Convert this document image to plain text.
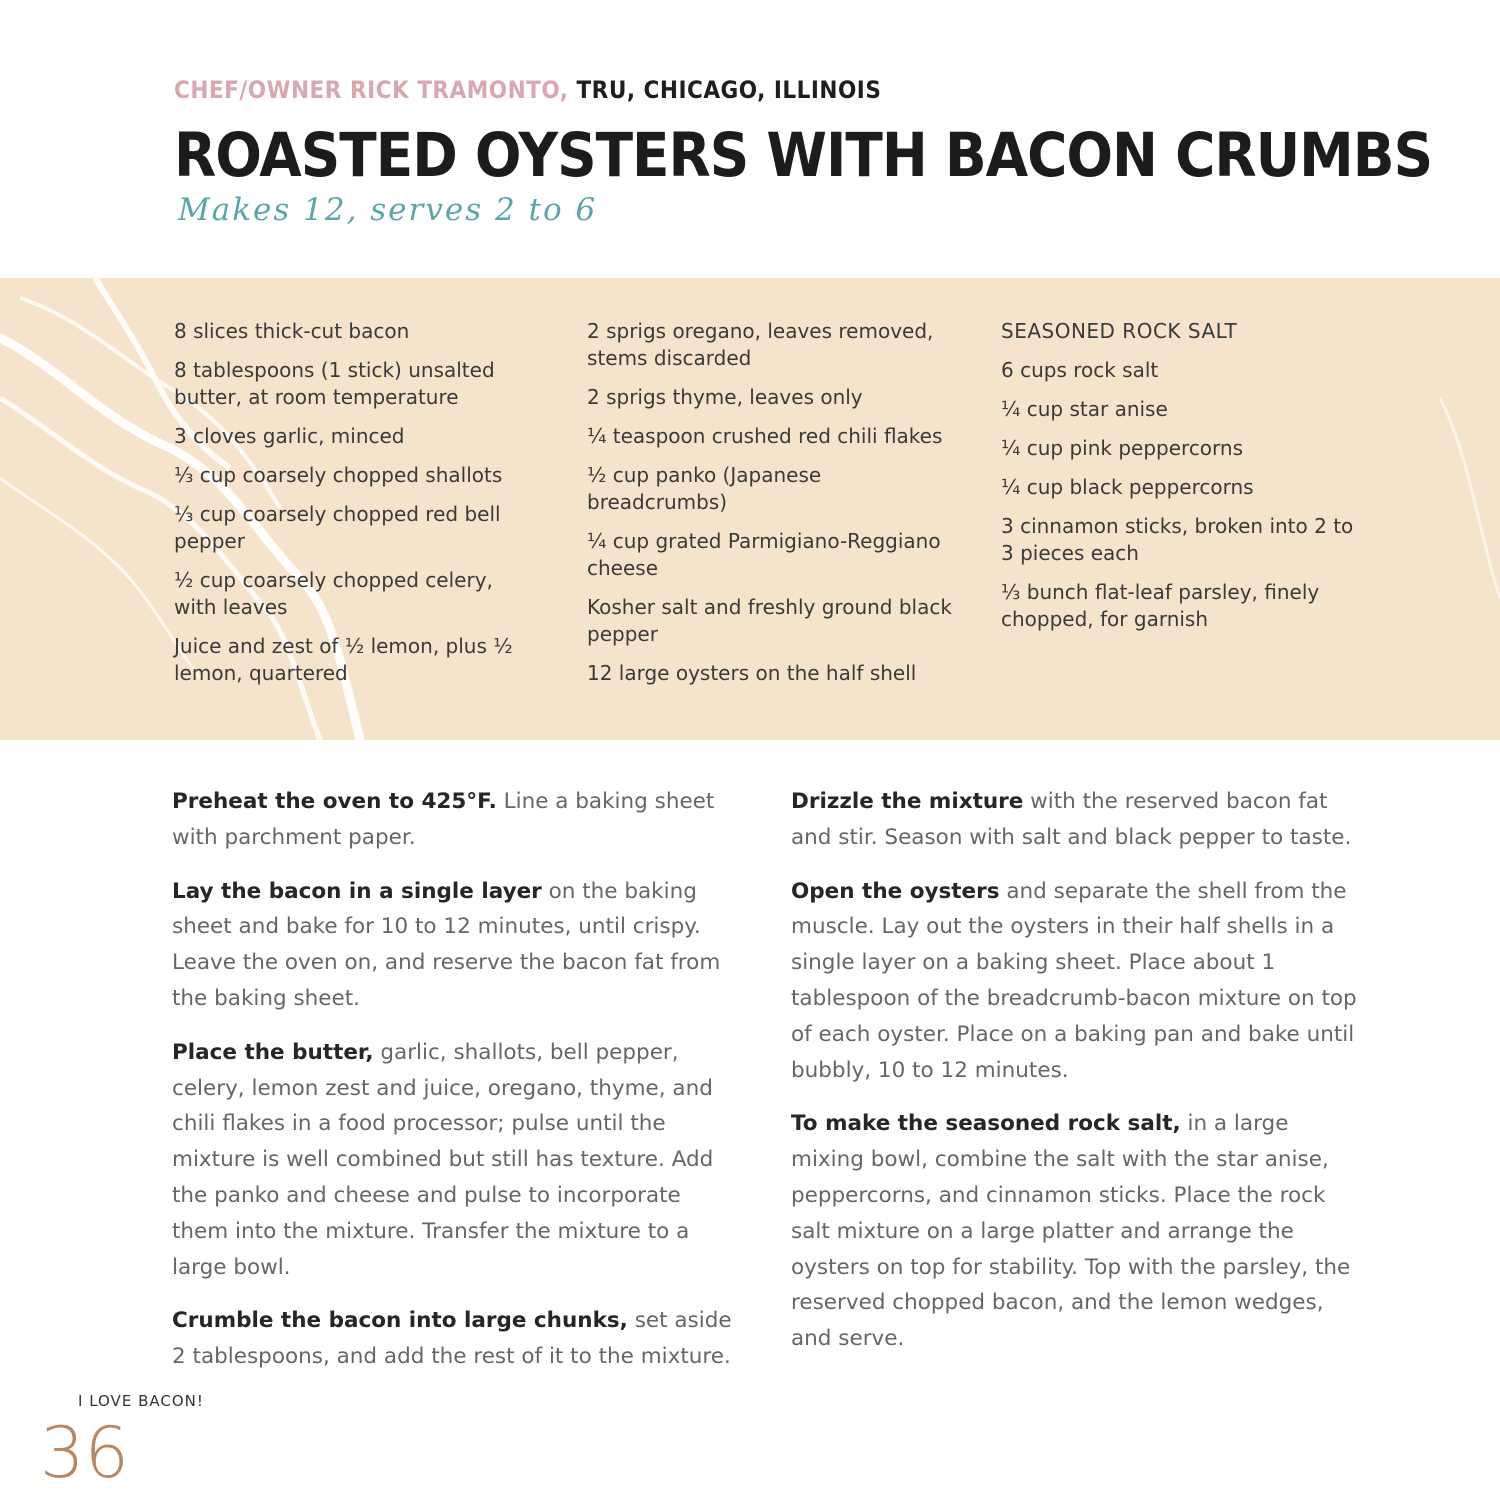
CHEF/OWNER RICK TRAMONTO, TRU, CHICAGO, ILLINOIS
ROASTED OYSTERS WITH BACON CRUMBS
Makes 12, serves 2 to 6
8 slices thick-cut bacon
8 tablespoons (1 stick) unsalted butter, at room temperature
3 cloves garlic, minced
⅓ cup coarsely chopped shallots
⅓ cup coarsely chopped red bell pepper
½ cup coarsely chopped celery, with leaves
Juice and zest of ½ lemon, plus ½ lemon, quartered
2 sprigs oregano, leaves removed, stems discarded
2 sprigs thyme, leaves only
¼ teaspoon crushed red chili flakes
½ cup panko (Japanese breadcrumbs)
¼ cup grated Parmigiano-Reggiano cheese
Kosher salt and freshly ground black pepper
12 large oysters on the half shell
SEASONED ROCK SALT
6 cups rock salt
¼ cup star anise
¼ cup pink peppercorns
¼ cup black peppercorns
3 cinnamon sticks, broken into 2 to 3 pieces each
⅓ bunch flat-leaf parsley, finely chopped, for garnish

Preheat the oven to 425°F. Line a baking sheet with parchment paper.

Lay the bacon in a single layer on the baking sheet and bake for 10 to 12 minutes, until crispy. Leave the oven on, and reserve the bacon fat from the baking sheet.

Place the butter, garlic, shallots, bell pepper, celery, lemon zest and juice, oregano, thyme, and chili flakes in a food processor; pulse until the mixture is well combined but still has texture. Add the panko and cheese and pulse to incorporate them into the mixture. Transfer the mixture to a large bowl.

Crumble the bacon into large chunks, set aside 2 tablespoons, and add the rest of it to the mixture.

Drizzle the mixture with the reserved bacon fat and stir. Season with salt and black pepper to taste.

Open the oysters and separate the shell from the muscle. Lay out the oysters in their half shells in a single layer on a baking sheet. Place about 1 tablespoon of the breadcrumb-bacon mixture on top of each oyster. Place on a baking pan and bake until bubbly, 10 to 12 minutes.

To make the seasoned rock salt, in a large mixing bowl, combine the salt with the star anise, peppercorns, and cinnamon sticks. Place the rock salt mixture on a large platter and arrange the oysters on top for stability. Top with the parsley, the reserved chopped bacon, and the lemon wedges, and serve.

I LOVE BACON!
36
